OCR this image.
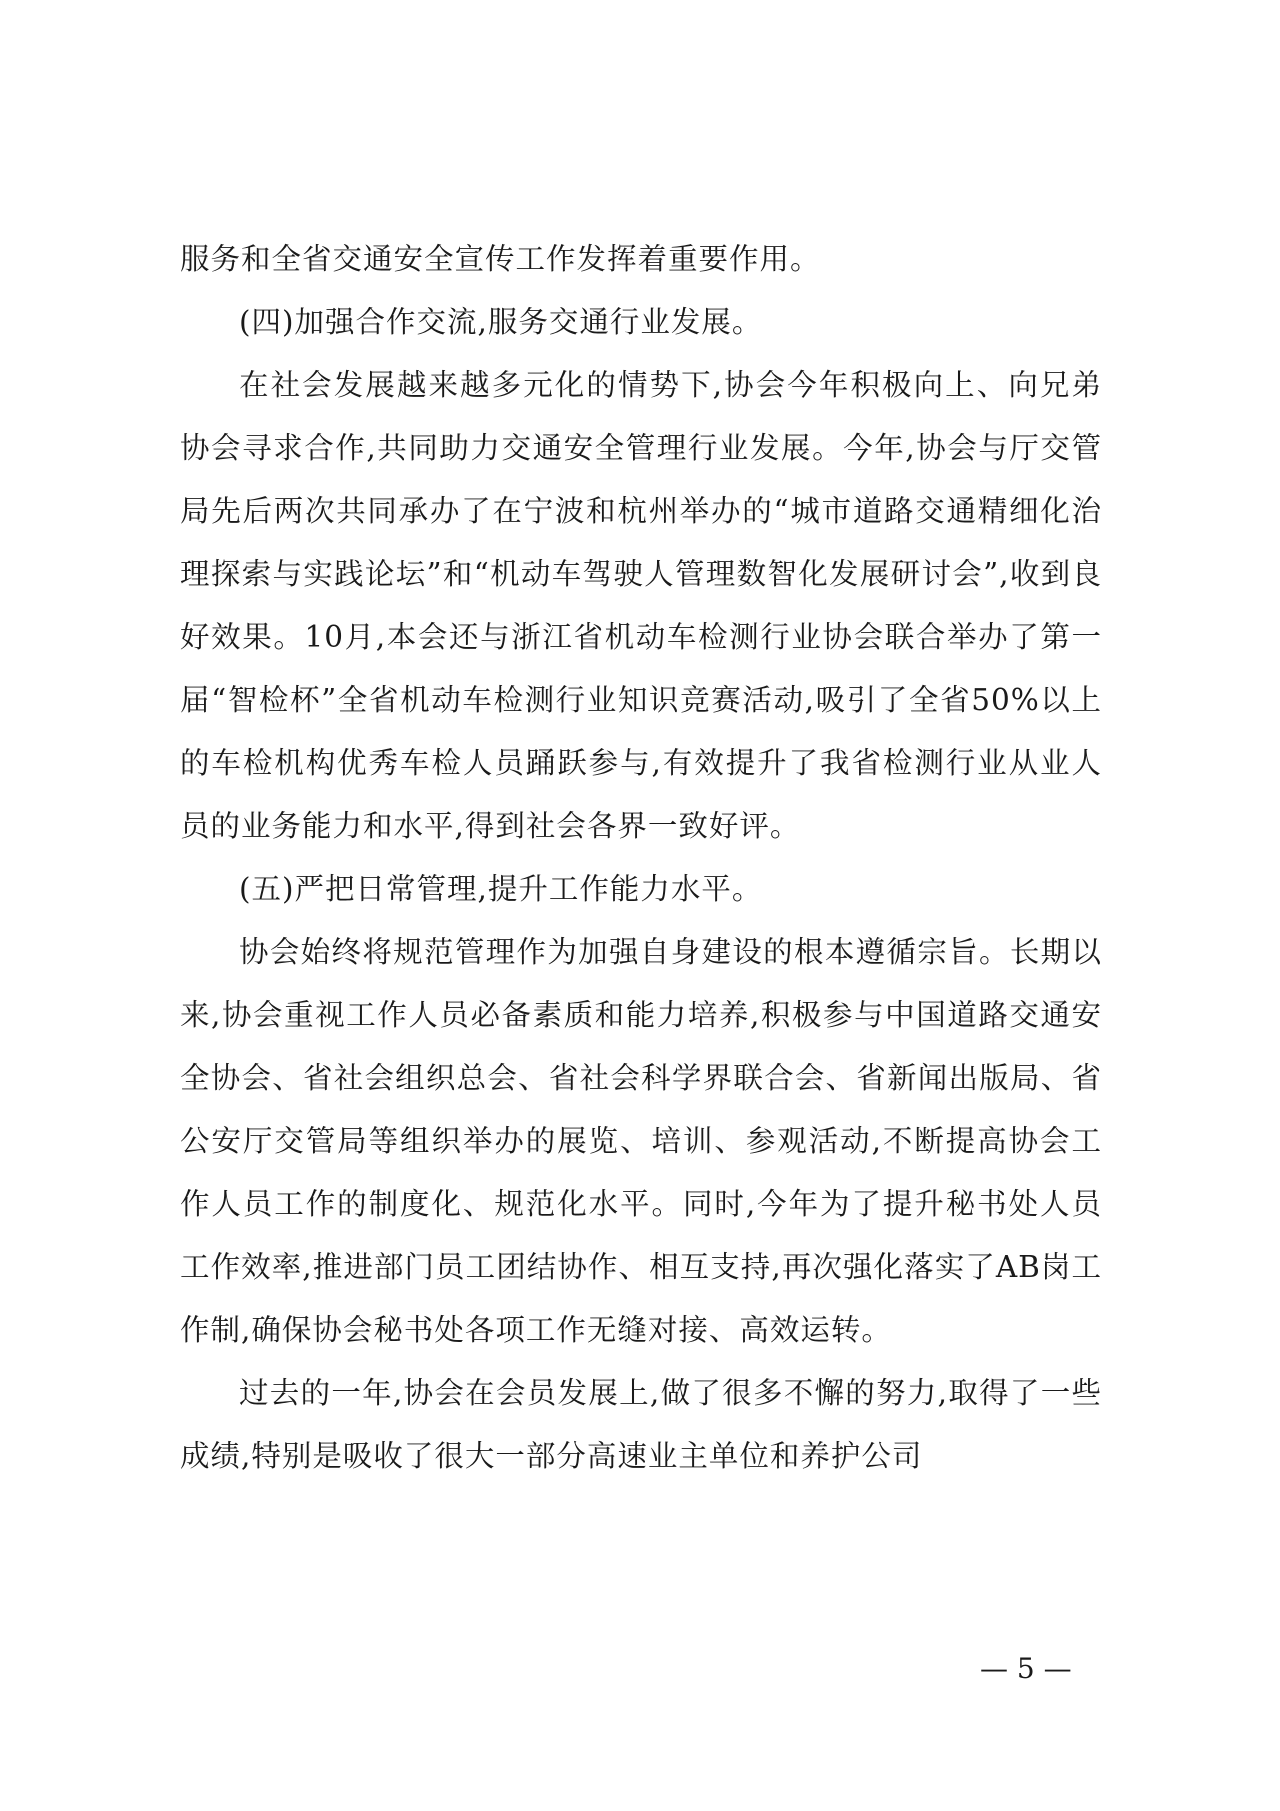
服务和全省交通安全宣传工作发挥着重要作用。

(四)加强合作交流,服务交通行业发展。

在社会发展越来越多元化的情势下,协会今年积极向上、向兄弟协会寻求合作,共同助力交通安全管理行业发展。今年,协会与厅交管局先后两次共同承办了在宁波和杭州举办的“城市道路交通精细化治理探索与实践论坛”和“机动车驾驶人管理数智化发展研讨会”,收到良好效果。10月,本会还与浙江省机动车检测行业协会联合举办了第一届“智检杯”全省机动车检测行业知识竞赛活动,吸引了全省50%以上的车检机构优秀车检人员踊跃参与,有效提升了我省检测行业从业人员的业务能力和水平,得到社会各界一致好评。

(五)严把日常管理,提升工作能力水平。

协会始终将规范管理作为加强自身建设的根本遵循宗旨。长期以来,协会重视工作人员必备素质和能力培养,积极参与中国道路交通安全协会、省社会组织总会、省社会科学界联合会、省新闻出版局、省公安厅交管局等组织举办的展览、培训、参观活动,不断提高协会工作人员工作的制度化、规范化水平。同时,今年为了提升秘书处人员工作效率,推进部门员工团结协作、相互支持,再次强化落实了AB岗工作制,确保协会秘书处各项工作无缝对接、高效运转。

过去的一年,协会在会员发展上,做了很多不懈的努力,取得了一些成绩,特别是吸收了很大一部分高速业主单位和养护公司

— 5 —
